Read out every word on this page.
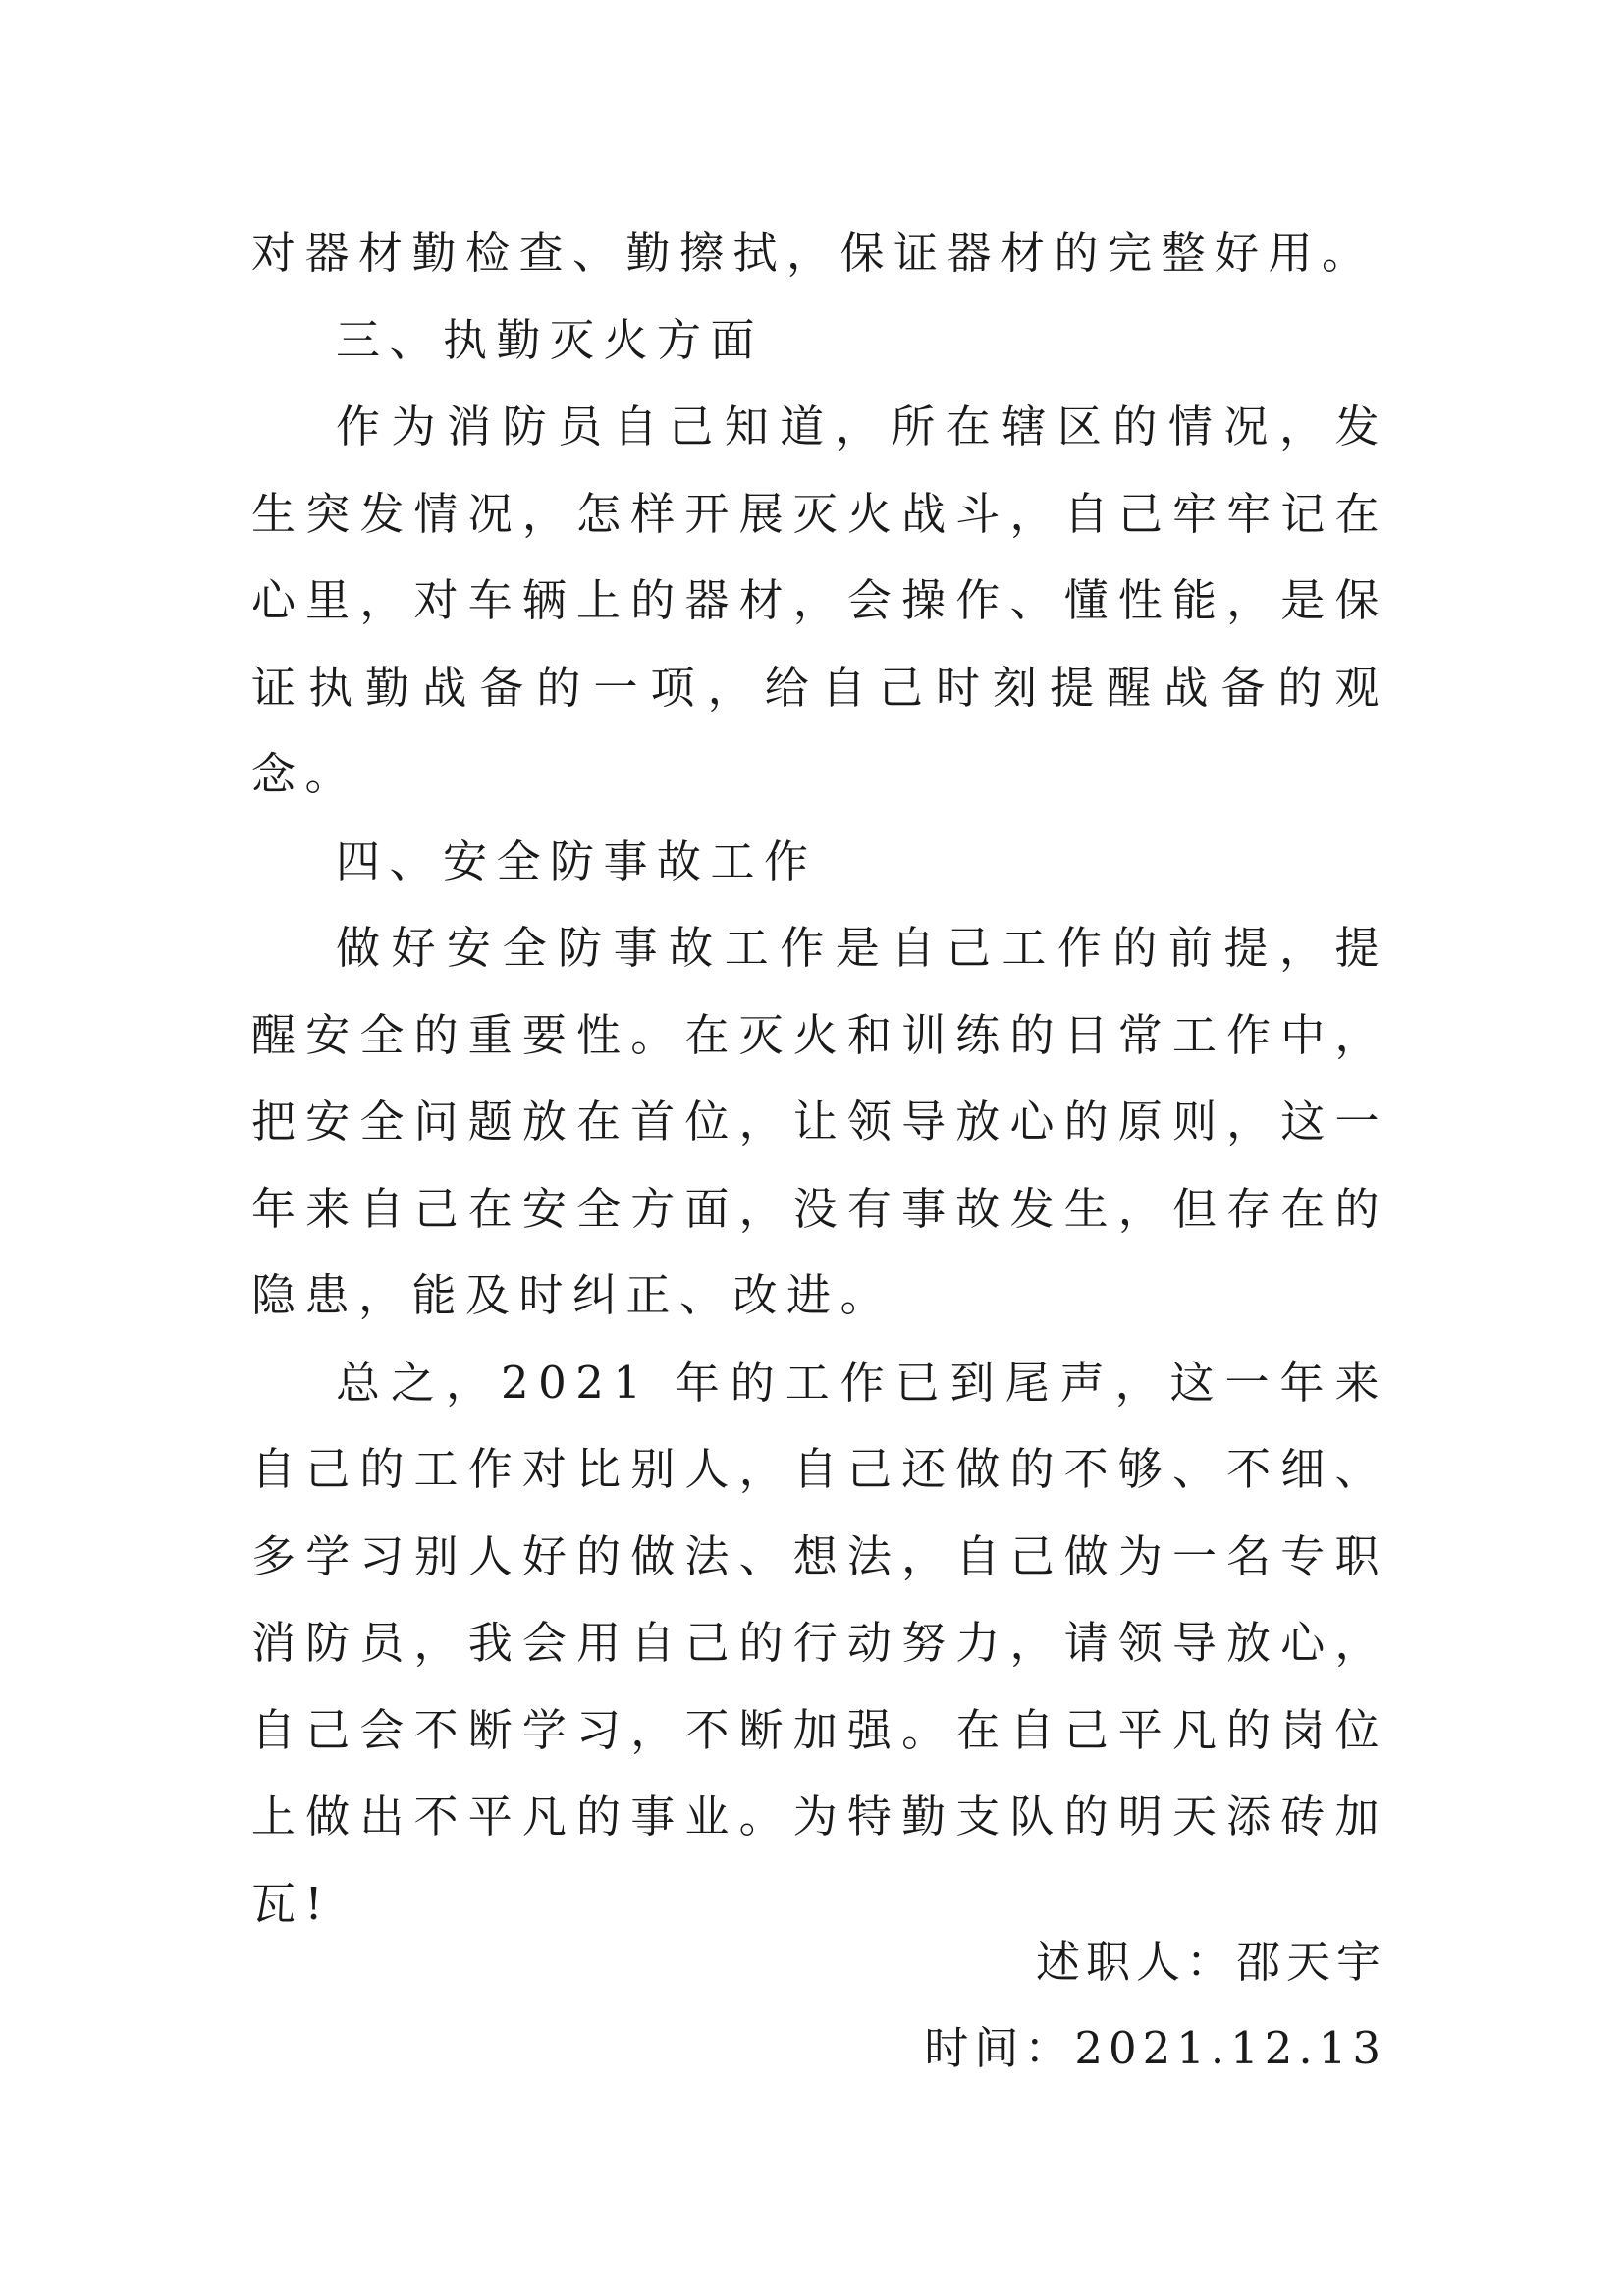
对器材勤检查、勤擦拭，保证器材的完整好用。

三、执勤灭火方面

作为消防员自己知道，所在辖区的情况，发生突发情况，怎样开展灭火战斗，自己牢牢记在心里，对车辆上的器材，会操作、懂性能，是保证执勤战备的一项，给自己时刻提醒战备的观念。

四、安全防事故工作

做好安全防事故工作是自己工作的前提，提醒安全的重要性。在灭火和训练的日常工作中，把安全问题放在首位，让领导放心的原则，这一年来自己在安全方面，没有事故发生，但存在的隐患，能及时纠正、改进。

总之，2021 年的工作已到尾声，这一年来自己的工作对比别人，自己还做的不够、不细、多学习别人好的做法、想法，自己做为一名专职消防员，我会用自己的行动努力，请领导放心，自己会不断学习，不断加强。在自己平凡的岗位上做出不平凡的事业。为特勤支队的明天添砖加瓦!

述职人：邵天宇
时间：2021.12.13
